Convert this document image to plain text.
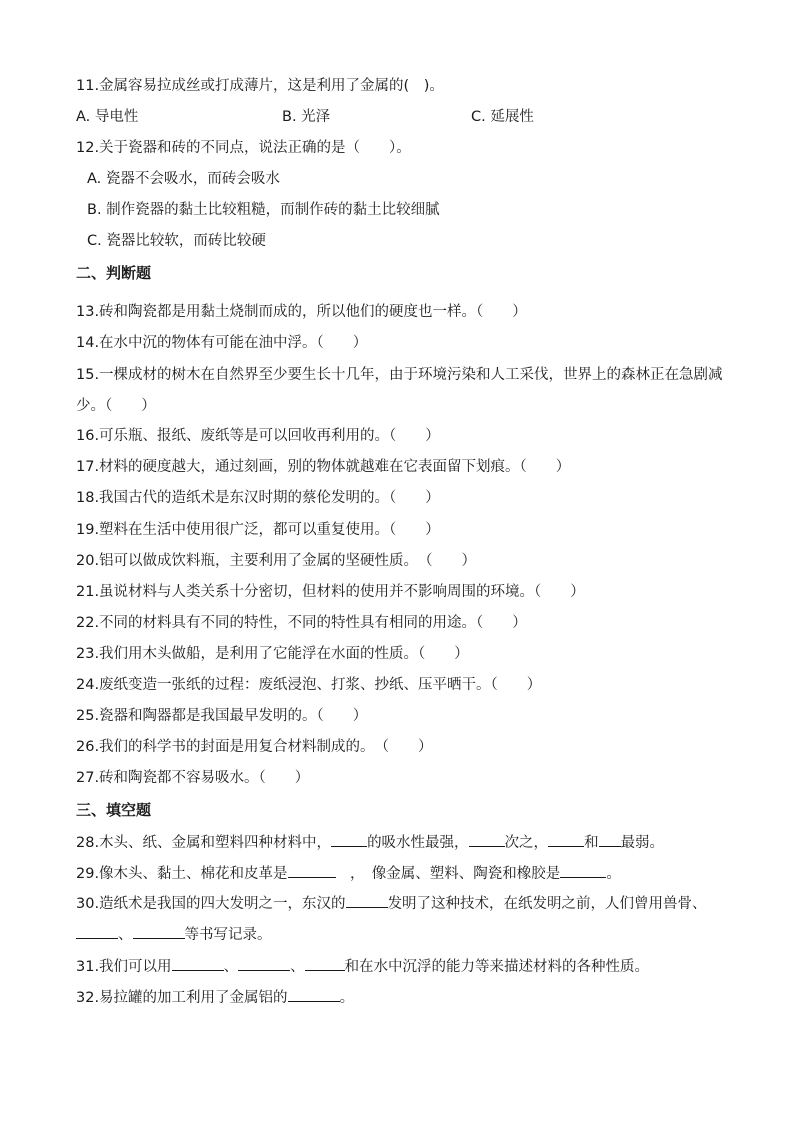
11.金属容易拉成丝或打成薄片，这是利用了金属的(　)。
A. 导电性	B. 光泽	C. 延展性
12.关于瓷器和砖的不同点，说法正确的是（　　）。
A. 瓷器不会吸水，而砖会吸水
B. 制作瓷器的黏土比较粗糙，而制作砖的黏土比较细腻
C. 瓷器比较软，而砖比较硬
二、判断题
13.砖和陶瓷都是用黏土烧制而成的，所以他们的硬度也一样。（　　）
14.在水中沉的物体有可能在油中浮。（　　）
15.一棵成材的树木在自然界至少要生长十几年，由于环境污染和人工采伐，世界上的森林正在急剧减少。（　　）
16.可乐瓶、报纸、废纸等是可以回收再利用的。（　　）
17.材料的硬度越大，通过刻画，别的物体就越难在它表面留下划痕。（　　）
18.我国古代的造纸术是东汉时期的蔡伦发明的。（　　）
19.塑料在生活中使用很广泛，都可以重复使用。（　　）
20.铝可以做成饮料瓶，主要利用了金属的坚硬性质。　（　　）
21.虽说材料与人类关系十分密切，但材料的使用并不影响周围的环境。（　　）
22.不同的材料具有不同的特性，不同的特性具有相同的用途。（　　）
23.我们用木头做船，是利用了它能浮在水面的性质。（　　）
24.废纸变造一张纸的过程：废纸浸泡、打浆、抄纸、压平晒干。（　　）
25.瓷器和陶器都是我国最早发明的。（　　）
26.我们的科学书的封面是用复合材料制成的。　（　　）
27.砖和陶瓷都不容易吸水。（　　）
三、填空题
28.木头、纸、金属和塑料四种材料中， 的吸水性最强， 次之， 和 最弱。
29.像木头、黏土、棉花和皮革是	　，　像金属、塑料、陶瓷和橡胶是	。
30.造纸术是我国的四大发明之一，东汉的	发明了这种技术，在纸发明之前，人们曾用兽骨、、	等书写记录。
31.我们可以用	、	、	和在水中沉浮的能力等来描述材料的各种性质。
32.易拉罐的加工利用了金属铝的	。
